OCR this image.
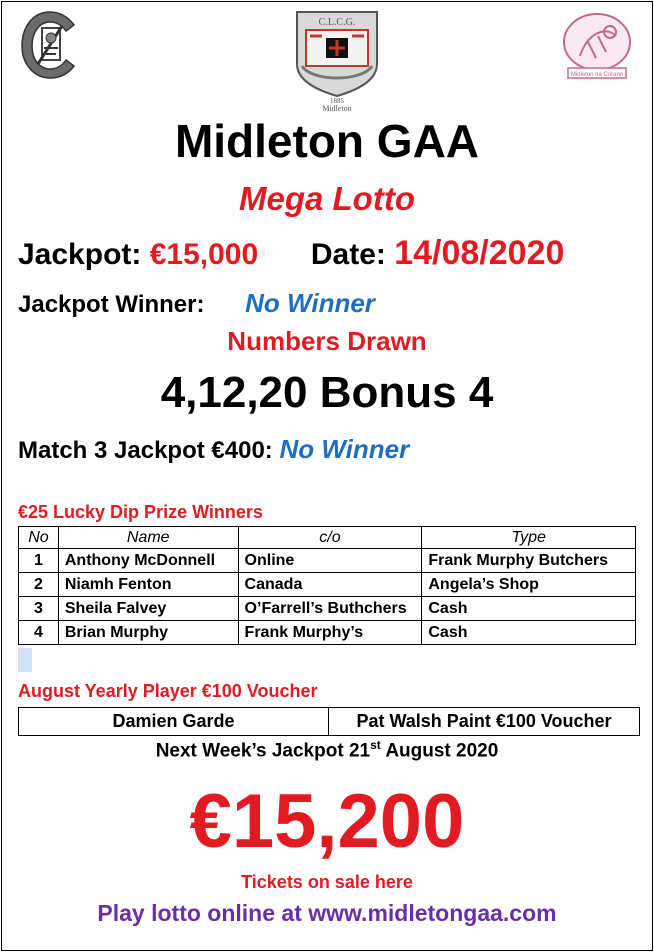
C.L.C.G.
1885
Midleton
Midleton na Corann
Midleton GAA
Mega Lotto
Jackpot: €15,000 Date: 14/08/2020
Jackpot Winner: No Winner
Numbers Drawn
4,12,20 Bonus 4
Match 3 Jackpot €400: No Winner
€25 Lucky Dip Prize Winners
No	Name	c/o	Type
1	Anthony McDonnell	Online	Frank Murphy Butchers
2	Niamh Fenton	Canada	Angela’s Shop
3	Sheila Falvey	O’Farrell’s Buthchers	Cash
4	Brian Murphy	Frank Murphy’s	Cash
August Yearly Player €100 Voucher
Damien Garde	Pat Walsh Paint €100 Voucher
Next Week’s Jackpot 21st August 2020
€15,200
Tickets on sale here
Play lotto online at www.midletongaa.com
